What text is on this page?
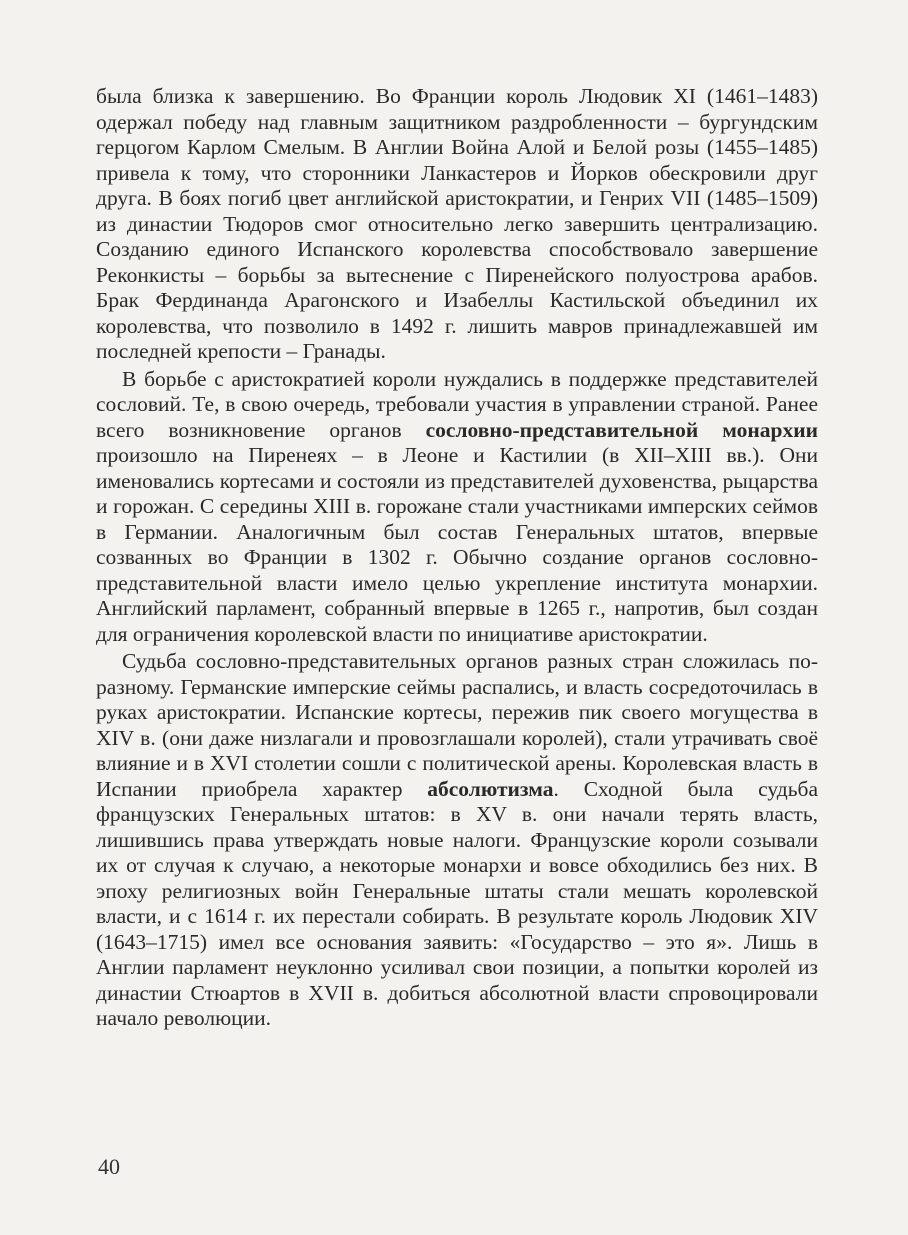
была близка к завершению. Во Франции король Людовик XI (1461–1483) одержал победу над главным защитником раздробленности – бургундским герцогом Карлом Смелым. В Англии Война Алой и Белой розы (1455–1485) привела к тому, что сторонники Ланкастеров и Йорков обескровили друг друга. В боях погиб цвет английской аристократии, и Генрих VII (1485–1509) из династии Тюдоров смог относительно легко завершить централизацию. Созданию единого Испанского королевства способствовало завершение Реконкисты – борьбы за вытеснение с Пиренейского полуострова арабов. Брак Фердинанда Арагонского и Изабеллы Кастильской объединил их королевства, что позволило в 1492 г. лишить мавров принадлежавшей им последней крепости – Гранады.

В борьбе с аристократией короли нуждались в поддержке представителей сословий. Те, в свою очередь, требовали участия в управлении страной. Ранее всего возникновение органов сословно-представительной монархии произошло на Пиренеях – в Леоне и Кастилии (в XII–XIII вв.). Они именовались кортесами и состояли из представителей духовенства, рыцарства и горожан. С середины XIII в. горожане стали участниками имперских сеймов в Германии. Аналогичным был состав Генеральных штатов, впервые созванных во Франции в 1302 г. Обычно создание органов сословно-представительной власти имело целью укрепление института монархии. Английский парламент, собранный впервые в 1265 г., напротив, был создан для ограничения королевской власти по инициативе аристократии.

Судьба сословно-представительных органов разных стран сложилась по-разному. Германские имперские сеймы распались, и власть сосредоточилась в руках аристократии. Испанские кортесы, пережив пик своего могущества в XIV в. (они даже низлагали и провозглашали королей), стали утрачивать своё влияние и в XVI столетии сошли с политической арены. Королевская власть в Испании приобрела характер абсолютизма. Сходной была судьба французских Генеральных штатов: в XV в. они начали терять власть, лишившись права утверждать новые налоги. Французские короли созывали их от случая к случаю, а некоторые монархи и вовсе обходились без них. В эпоху религиозных войн Генеральные штаты стали мешать королевской власти, и с 1614 г. их перестали собирать. В результате король Людовик XIV (1643–1715) имел все основания заявить: «Государство – это я». Лишь в Англии парламент неуклонно усиливал свои позиции, а попытки королей из династии Стюартов в XVII в. добиться абсолютной власти спровоцировали начало революции.

40
